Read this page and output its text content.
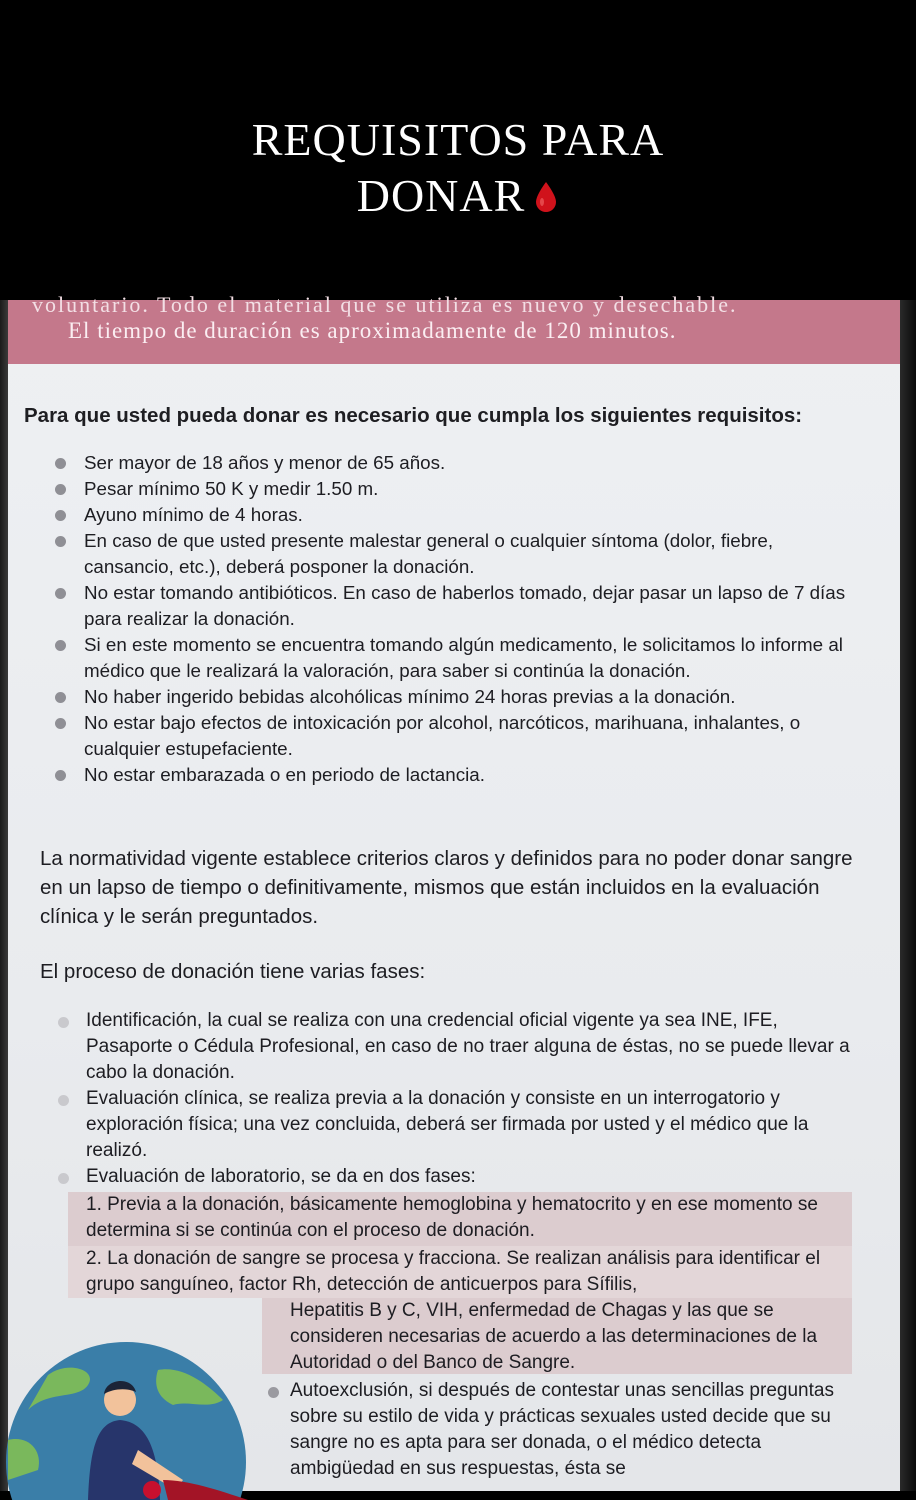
REQUISITOS PARA
DONAR
voluntario. Todo el material que se utiliza es nuevo y desechable.
El tiempo de duración es aproximadamente de 120 minutos.
Para que usted pueda donar es necesario que cumpla los siguientes requisitos:
Ser mayor de 18 años y menor de 65 años.
Pesar mínimo 50 K y medir 1.50 m.
Ayuno mínimo de 4 horas.
En caso de que usted presente malestar general o cualquier síntoma (dolor, fiebre, cansancio, etc.), deberá posponer la donación.
No estar tomando antibióticos. En caso de haberlos tomado, dejar pasar un lapso de 7 días para realizar la donación.
Si en este momento se encuentra tomando algún medicamento, le solicitamos lo informe al médico que le realizará la valoración, para saber si continúa la donación.
No haber ingerido bebidas alcohólicas mínimo 24 horas previas a la donación.
No estar bajo efectos de intoxicación por alcohol, narcóticos, marihuana, inhalantes, o cualquier estupefaciente.
No estar embarazada o en periodo de lactancia.
La normatividad vigente establece criterios claros y definidos para no poder donar sangre en un lapso de tiempo o definitivamente, mismos que están incluidos en la evaluación clínica y le serán preguntados.
El proceso de donación tiene varias fases:
Identificación, la cual se realiza con una credencial oficial vigente ya sea INE, IFE, Pasaporte o Cédula Profesional, en caso de no traer alguna de éstas, no se puede llevar a cabo la donación.
Evaluación clínica, se realiza previa a la donación y consiste en un interrogatorio y exploración física; una vez concluida, deberá ser firmada por usted y el médico que la realizó.
Evaluación de laboratorio, se da en dos fases:
1. Previa a la donación, básicamente hemoglobina y hematocrito y en ese momento se determina si se continúa con el proceso de donación.
2. La donación de sangre se procesa y fracciona. Se realizan análisis para identificar el grupo sanguíneo, factor Rh, detección de anticuerpos para Sífilis,
Hepatitis B y C, VIH, enfermedad de Chagas y las que se consideren necesarias de acuerdo a las determinaciones de la Autoridad o del Banco de Sangre.
Autoexclusión, si después de contestar unas sencillas preguntas sobre su estilo de vida y prácticas sexuales usted decide que su sangre no es apta para ser donada, o el médico detecta ambigüedad en sus respuestas, ésta se
